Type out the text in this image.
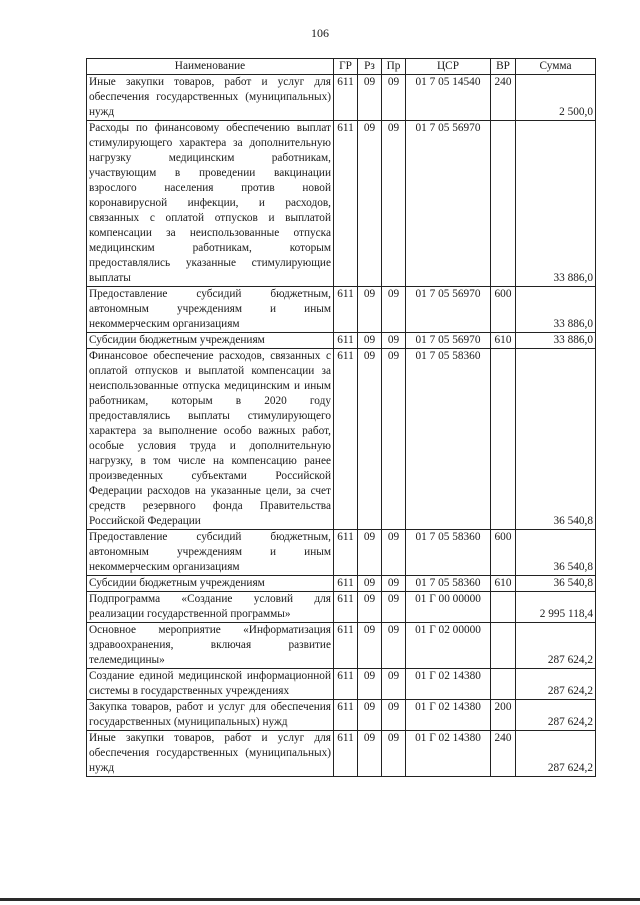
106
Наименование	ГР	Рз	Пр	ЦСР	ВР	Сумма
Иные закупки товаров, работ и услуг для обеспечения государственных (муниципальных) нужд	611	09	09	01 7 05 14540	240	2 500,0
Расходы по финансовому обеспечению выплат стимулирующего характера за дополнительную нагрузку медицинским работникам, участвующим в проведении вакцинации взрослого населения против новой коронавирусной инфекции, и расходов, связанных с оплатой отпусков и выплатой компенсации за неиспользованные отпуска медицинским работникам, которым предоставлялись указанные стимулирующие выплаты	611	09	09	01 7 05 56970		33 886,0
Предоставление субсидий бюджетным, автономным учреждениям и иным некоммерческим организациям	611	09	09	01 7 05 56970	600	33 886,0
Субсидии бюджетным учреждениям	611	09	09	01 7 05 56970	610	33 886,0
Финансовое обеспечение расходов, связанных с оплатой отпусков и выплатой компенсации за неиспользованные отпуска медицинским и иным работникам, которым в 2020 году предоставлялись выплаты стимулирующего характера за выполнение особо важных работ, особые условия труда и дополнительную нагрузку, в том числе на компенсацию ранее произведенных субъектами Российской Федерации расходов на указанные цели, за счет средств резервного фонда Правительства Российской Федерации	611	09	09	01 7 05 58360		36 540,8
Предоставление субсидий бюджетным, автономным учреждениям и иным некоммерческим организациям	611	09	09	01 7 05 58360	600	36 540,8
Субсидии бюджетным учреждениям	611	09	09	01 7 05 58360	610	36 540,8
Подпрограмма «Создание условий для реализации государственной программы»	611	09	09	01 Г 00 00000		2 995 118,4
Основное мероприятие «Информатизация здравоохранения, включая развитие телемедицины»	611	09	09	01 Г 02 00000		287 624,2
Создание единой медицинской информационной системы в государственных учреждениях	611	09	09	01 Г 02 14380		287 624,2
Закупка товаров, работ и услуг для обеспечения государственных (муниципальных) нужд	611	09	09	01 Г 02 14380	200	287 624,2
Иные закупки товаров, работ и услуг для обеспечения государственных (муниципальных) нужд	611	09	09	01 Г 02 14380	240	287 624,2
